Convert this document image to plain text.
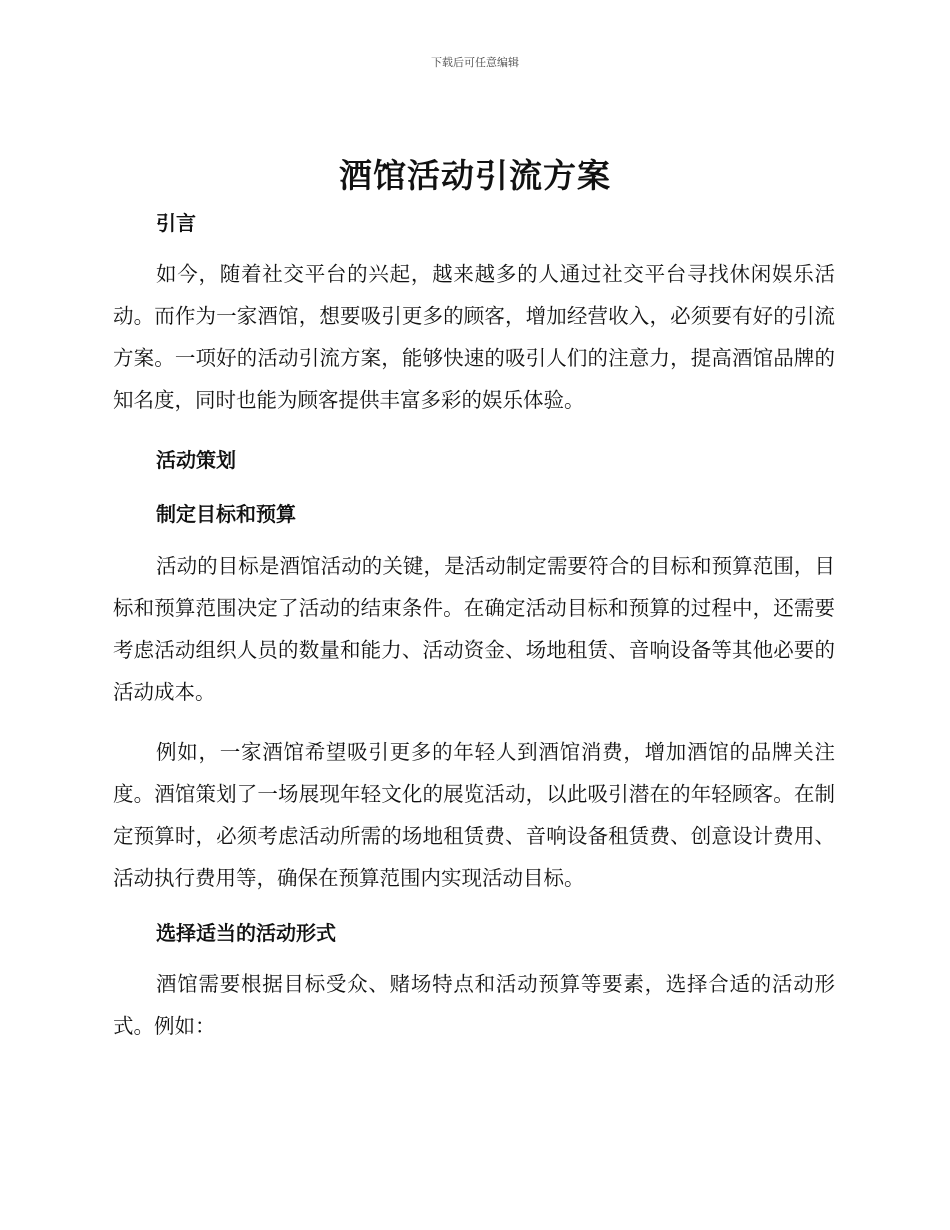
下载后可任意编辑
酒馆活动引流方案
引言

如今，随着社交平台的兴起，越来越多的人通过社交平台寻找休闲娱乐活动。而作为一家酒馆，想要吸引更多的顾客，增加经营收入，必须要有好的引流方案。一项好的活动引流方案，能够快速的吸引人们的注意力，提高酒馆品牌的知名度，同时也能为顾客提供丰富多彩的娱乐体验。

活动策划
制定目标和预算

活动的目标是酒馆活动的关键，是活动制定需要符合的目标和预算范围，目标和预算范围决定了活动的结束条件。在确定活动目标和预算的过程中，还需要考虑活动组织人员的数量和能力、活动资金、场地租赁、音响设备等其他必要的活动成本。

例如，一家酒馆希望吸引更多的年轻人到酒馆消费，增加酒馆的品牌关注度。酒馆策划了一场展现年轻文化的展览活动，以此吸引潜在的年轻顾客。在制定预算时，必须考虑活动所需的场地租赁费、音响设备租赁费、创意设计费用、活动执行费用等，确保在预算范围内实现活动目标。

选择适当的活动形式

酒馆需要根据目标受众、赌场特点和活动预算等要素，选择合适的活动形式。例如：
